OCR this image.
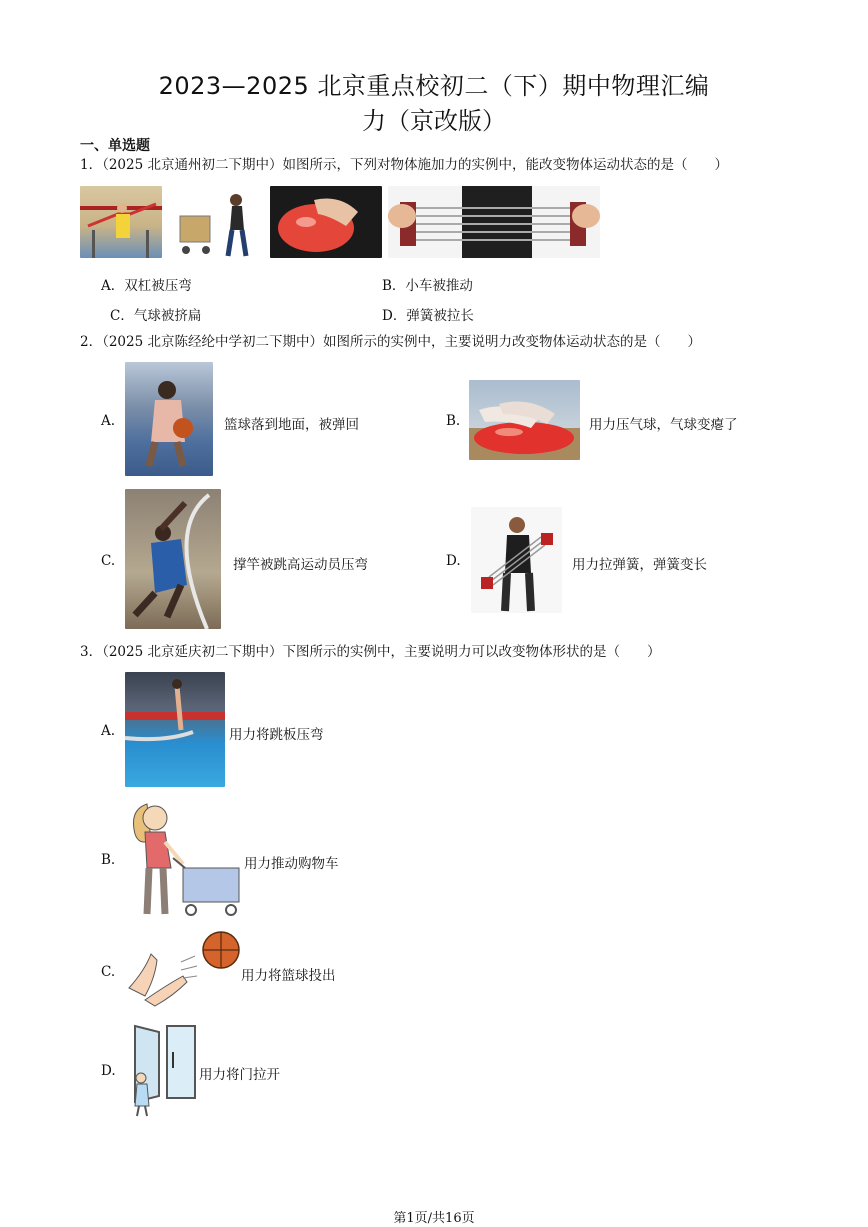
2023—2025 北京重点校初二（下）期中物理汇编
力（京改版）
一、单选题
1．（2025 北京通州初二下期中）如图所示，下列对物体施加力的实例中，能改变物体运动状态的是（　　）
A．双杠被压弯	B．小车被推动
C．气球被挤扁	D．弹簧被拉长
2．（2025 北京陈经纶中学初二下期中）如图所示的实例中，主要说明力改变物体运动状态的是（　　）
A.	篮球落到地面，被弹回	B.	用力压气球，气球变瘪了
C.	撑竿被跳高运动员压弯	D.	用力拉弹簧，弹簧变长
3．（2025 北京延庆初二下期中）下图所示的实例中，主要说明力可以改变物体形状的是（　　）
A.	用力将跳板压弯
B.	用力推动购物车
C.	用力将篮球投出
D.	用力将门拉开
第1页/共16页
